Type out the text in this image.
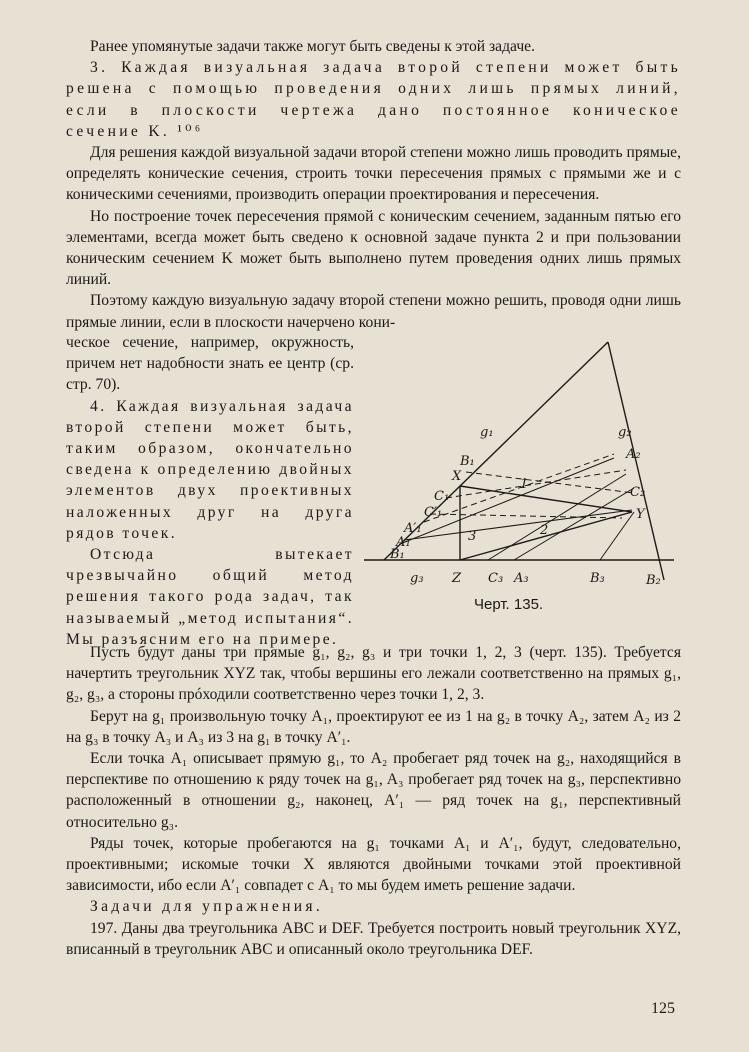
Ранее упомянутые задачи также могут быть сведены к этой задаче.

3. Каждая визуальная задача второй степени может быть решена с помощью проведения одних лишь прямых линий, если в плоскости чертежа дано постоянное коническое сечение K. ¹⁰⁶

Для решения каждой визуальной задачи второй степени можно лишь проводить прямые, определять конические сечения, строить точки пересечения прямых с прямыми же и с коническими сечениями, производить операции проектирования и пересечения.

Но построение точек пересечения прямой с коническим сечением, заданным пятью его элементами, всегда может быть сведено к основной задаче пункта 2 и при пользовании коническим сечением K может быть выполнено путем проведения одних лишь прямых линий.

Поэтому каждую визуальную задачу второй степени можно решить, проводя одни лишь прямые линии, если в плоскости начерчено кони-

ческое сечение, например, окружность, причем нет надобности знать ее центр (ср. стр. 70).

4. Каждая визуальная задача второй степени может быть, таким образом, окончательно сведена к определению двойных элементов двух проективных наложенных друг на друга рядов точек.

Отсюда вытекает чрезвычайно общий метод решения такого рода задач, так называемый „метод испытания“. Мы разъясним его на примере.

g₁	g₂
g₃
B₁	A₂
X
C₂
C₁
C′₁	Y
A′₁
A₁
B₁
1
2
3
Z C₃ A₃	B₃	B₂
Черт. 135.

Пусть будут даны три прямые g₁, g₂, g₃ и три точки 1, 2, 3 (черт. 135). Требуется начертить треугольник XYZ так, чтобы вершины его лежали соответственно на прямых g₁, g₂, g₃, а стороны прóходили соответственно через точки 1, 2, 3.

Берут на g₁ произвольную точку A₁, проектируют ее из 1 на g₂ в точку A₂, затем A₂ из 2 на g₃ в точку A₃ и A₃ из 3 на g₁ в точку A′₁.

Если точка A₁ описывает прямую g₁, то A₂ пробегает ряд точек на g₂, находящийся в перспективе по отношению к ряду точек на g₁, A₃ пробегает ряд точек на g₃, перспективно расположенный в отношении g₂, наконец, A′₁ — ряд точек на g₁, перспективный относительно g₃.

Ряды точек, которые пробегаются на g₁ точками A₁ и A′₁, будут, следовательно, проективными; искомые точки X являются двойными точками этой проективной зависимости, ибо если A′₁ совпадет с A₁ то мы будем иметь решение задачи.

Задачи для упражнения.

197. Даны два треугольника ABC и DEF. Требуется построить новый треугольник XYZ, вписанный в треугольник ABC и описанный около треугольника DEF.

125
